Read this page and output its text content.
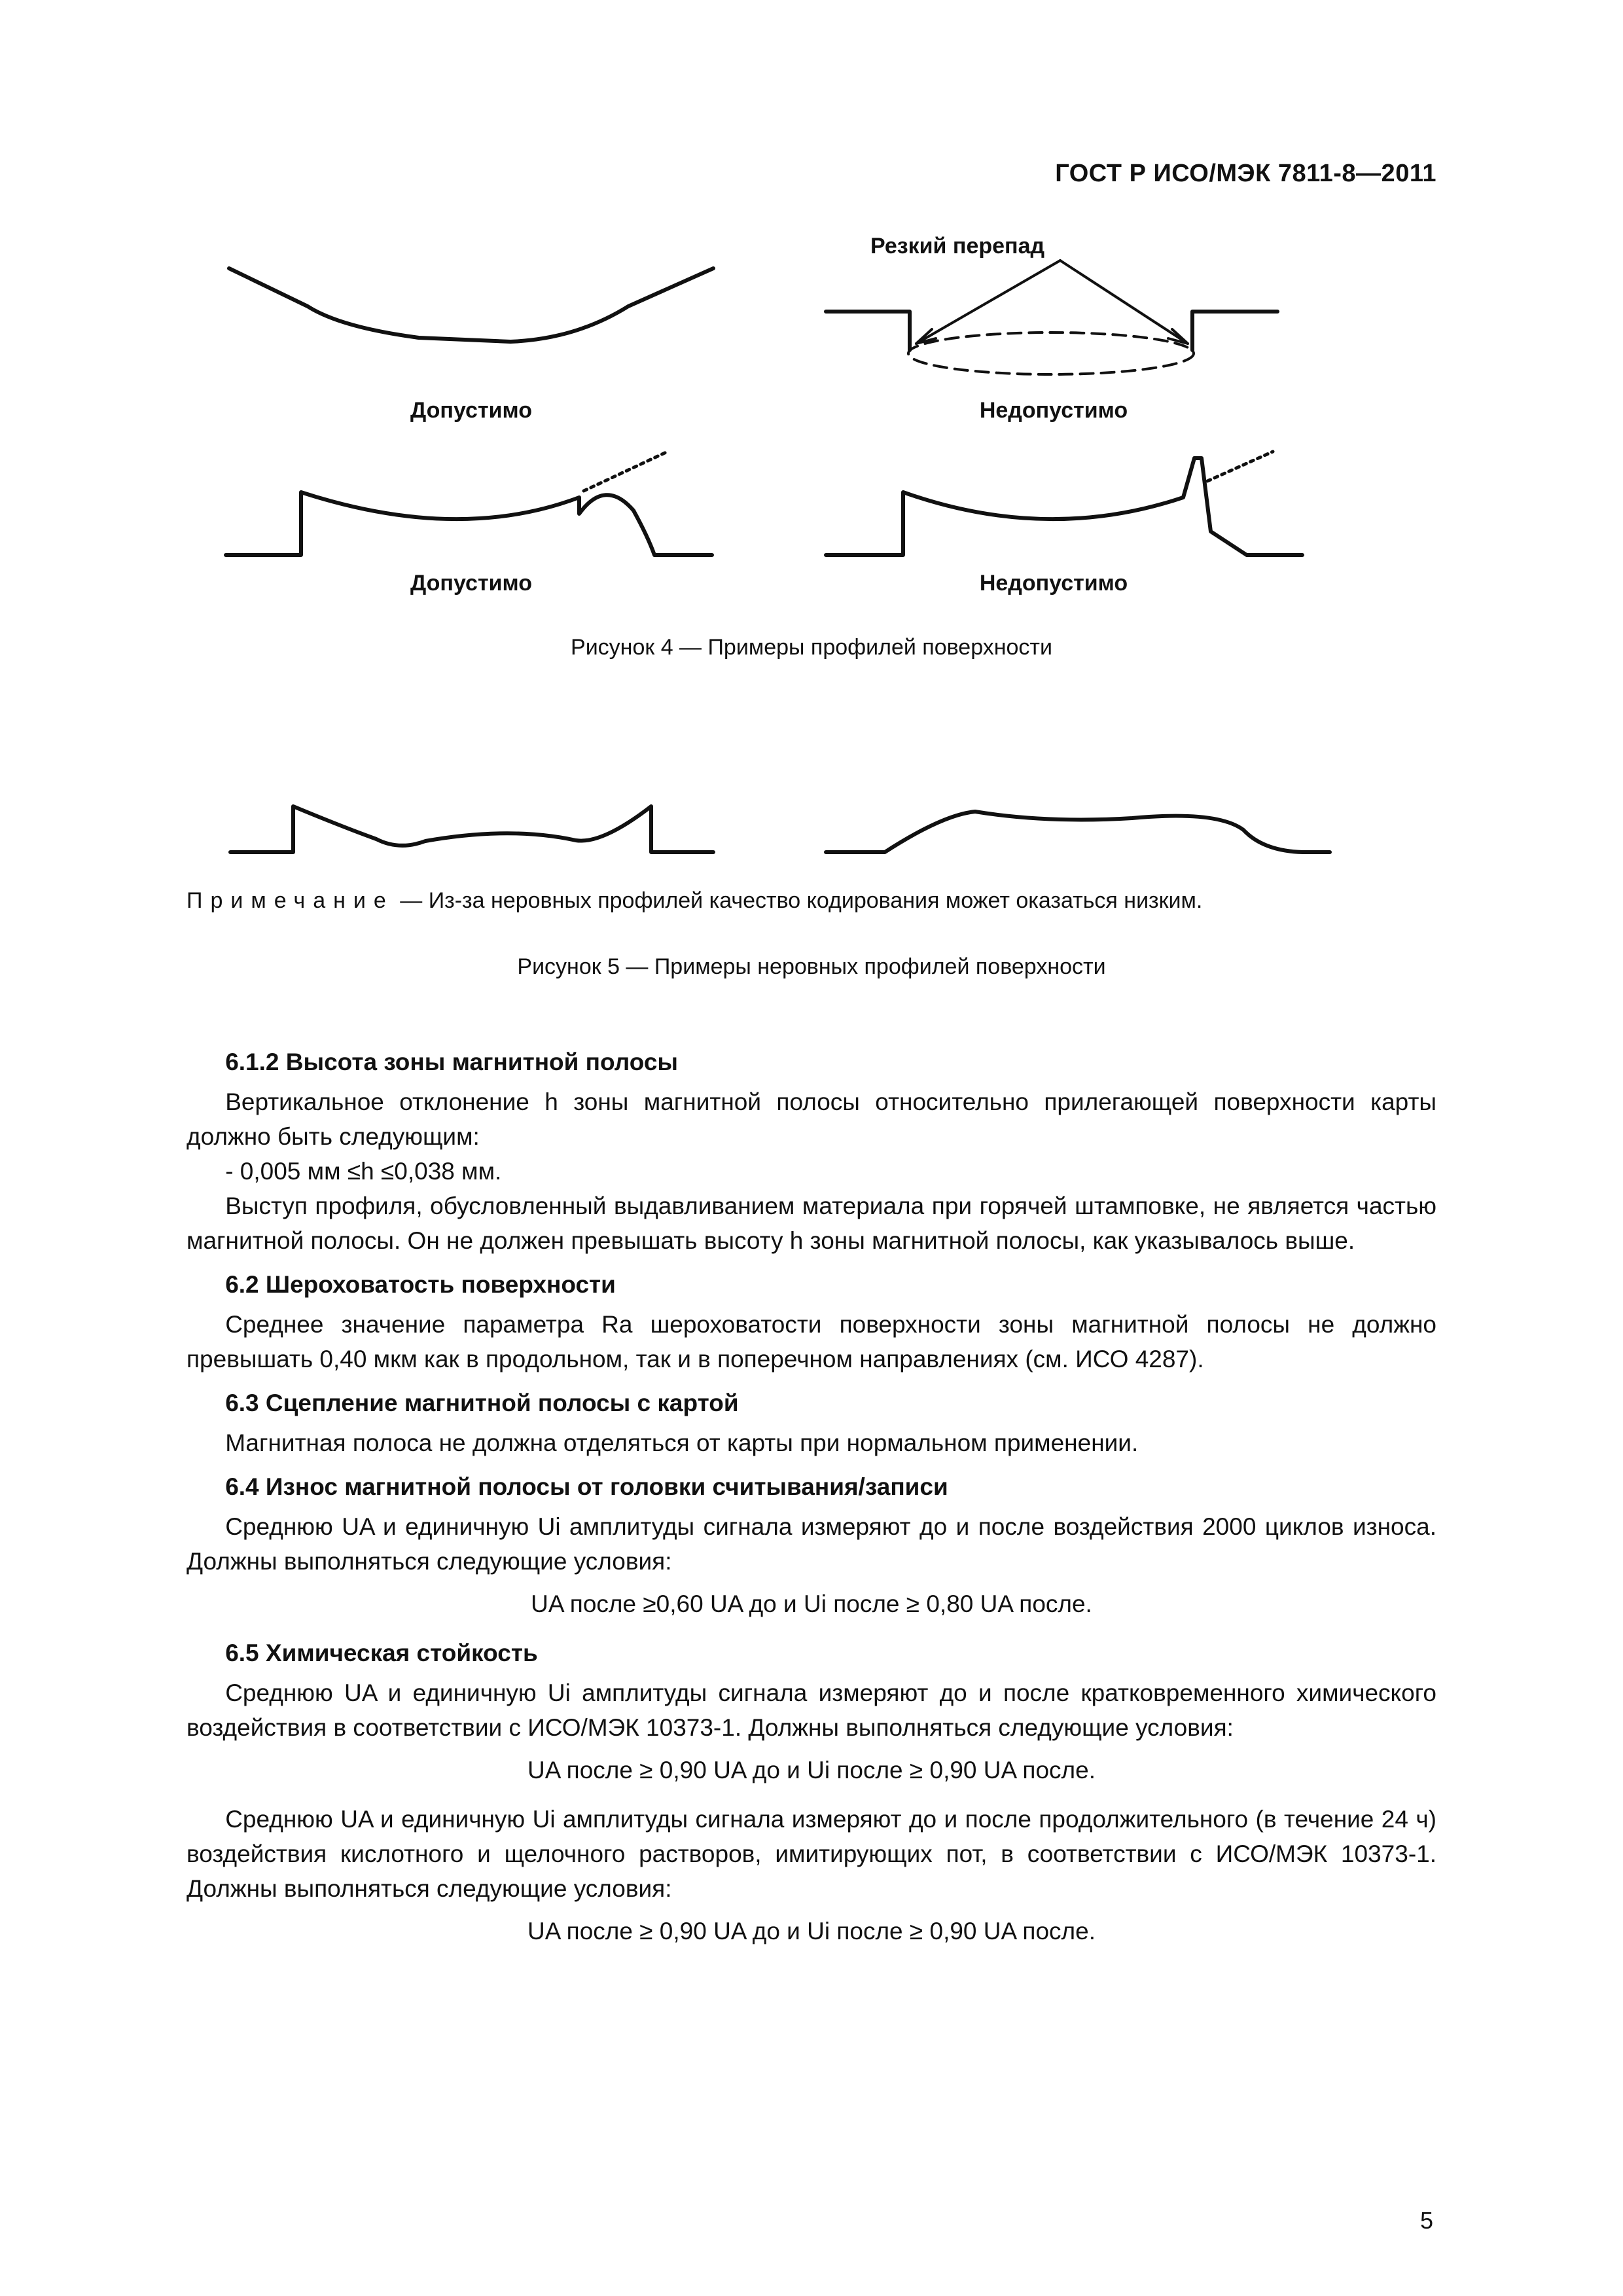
ГОСТ Р ИСО/МЭК 7811-8—2011
Резкий перепад
Допустимо	Недопустимо
Допустимо	Недопустимо
Рисунок 4 — Примеры профилей поверхности
Примечание — Из-за неровных профилей качество кодирования может оказаться низким.
Рисунок 5 — Примеры неровных профилей поверхности
6.1.2 Высота зоны магнитной полосы

Вертикальное отклонение h зоны магнитной полосы относительно прилегающей поверхности карты должно быть следующим:

- 0,005 мм ≤h ≤0,038 мм.

Выступ профиля, обусловленный выдавливанием материала при горячей штамповке, не является частью магнитной полосы. Он не должен превышать высоту h зоны магнитной полосы, как указывалось выше.

6.2 Шероховатость поверхности

Среднее значение параметра Ra шероховатости поверхности зоны магнитной полосы не должно превышать 0,40 мкм как в продольном, так и в поперечном направлениях (см. ИСО 4287).

6.3 Сцепление магнитной полосы с картой

Магнитная полоса не должна отделяться от карты при нормальном применении.

6.4 Износ магнитной полосы от головки считывания/записи

Среднюю UA и единичную Ui амплитуды сигнала измеряют до и после воздействия 2000 циклов износа. Должны выполняться следующие условия:

UA после ≥0,60 UA до и Ui после ≥ 0,80 UA после.

6.5 Химическая стойкость

Среднюю UA и единичную Ui амплитуды сигнала измеряют до и после кратковременного химического воздействия в соответствии с ИСО/МЭК 10373-1. Должны выполняться следующие условия:

UA после ≥ 0,90 UA до и Ui после ≥ 0,90 UA после.

Среднюю UA и единичную Ui амплитуды сигнала измеряют до и после продолжительного (в течение 24 ч) воздействия кислотного и щелочного растворов, имитирующих пот, в соответствии с ИСО/МЭК 10373-1. Должны выполняться следующие условия:

UA после ≥ 0,90 UA до и Ui после ≥ 0,90 UA после.

5
